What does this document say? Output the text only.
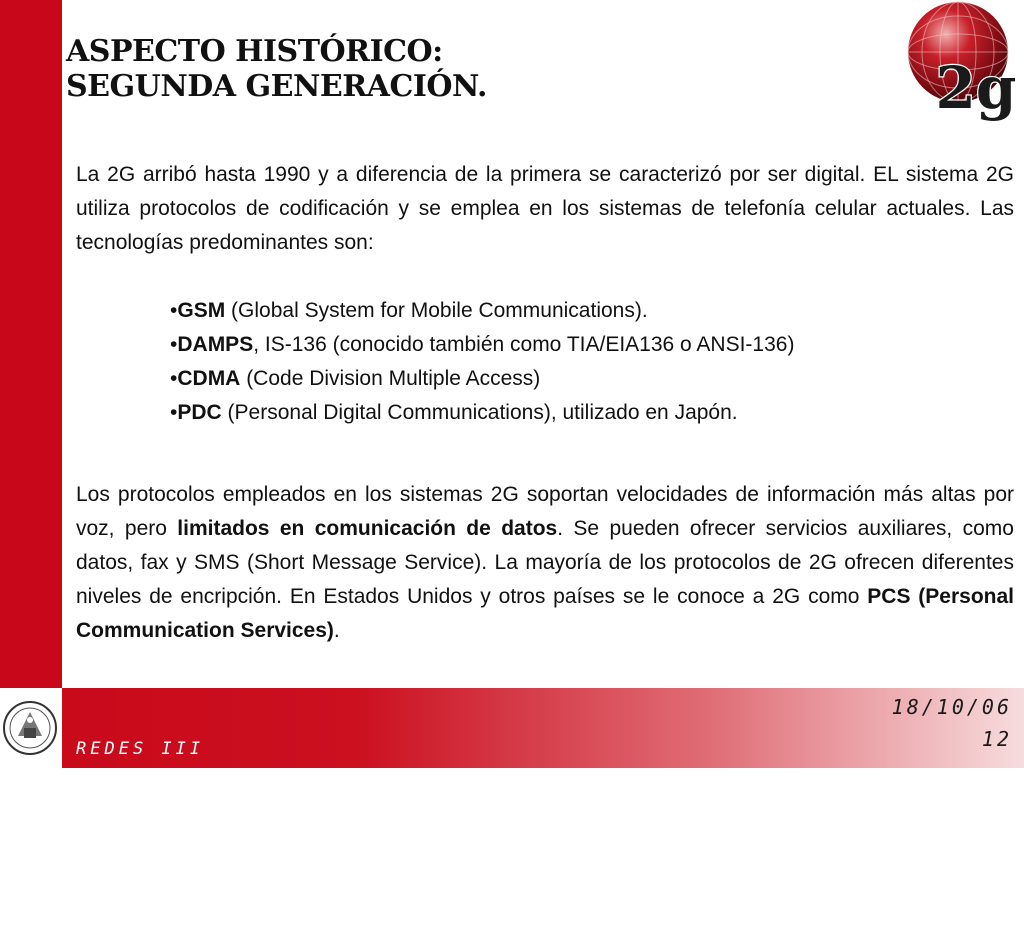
ASPECTO HISTÓRICO:
SEGUNDA GENERACIÓN.	2g

La 2G arribó hasta 1990 y a diferencia de la primera se caracterizó por ser digital. EL sistema 2G utiliza protocolos de codificación y se emplea en los sistemas de telefonía celular actuales. Las tecnologías predominantes son:

•GSM (Global System for Mobile Communications).
•DAMPS, IS-136 (conocido también como TIA/EIA136 o ANSI-136)
•CDMA (Code Division Multiple Access)
•PDC (Personal Digital Communications), utilizado en Japón.

Los protocolos empleados en los sistemas 2G soportan velocidades de información más altas por voz, pero limitados en comunicación de datos. Se pueden ofrecer servicios auxiliares, como datos, fax y SMS (Short Message Service). La mayoría de los protocolos de 2G ofrecen diferentes niveles de encripción. En Estados Unidos y otros países se le conoce a 2G como PCS (Personal Communication Services).

REDES III

TECNOLOGÍA DE TERCERA

GENERACIÓN PARA LA

18/10/06

12
